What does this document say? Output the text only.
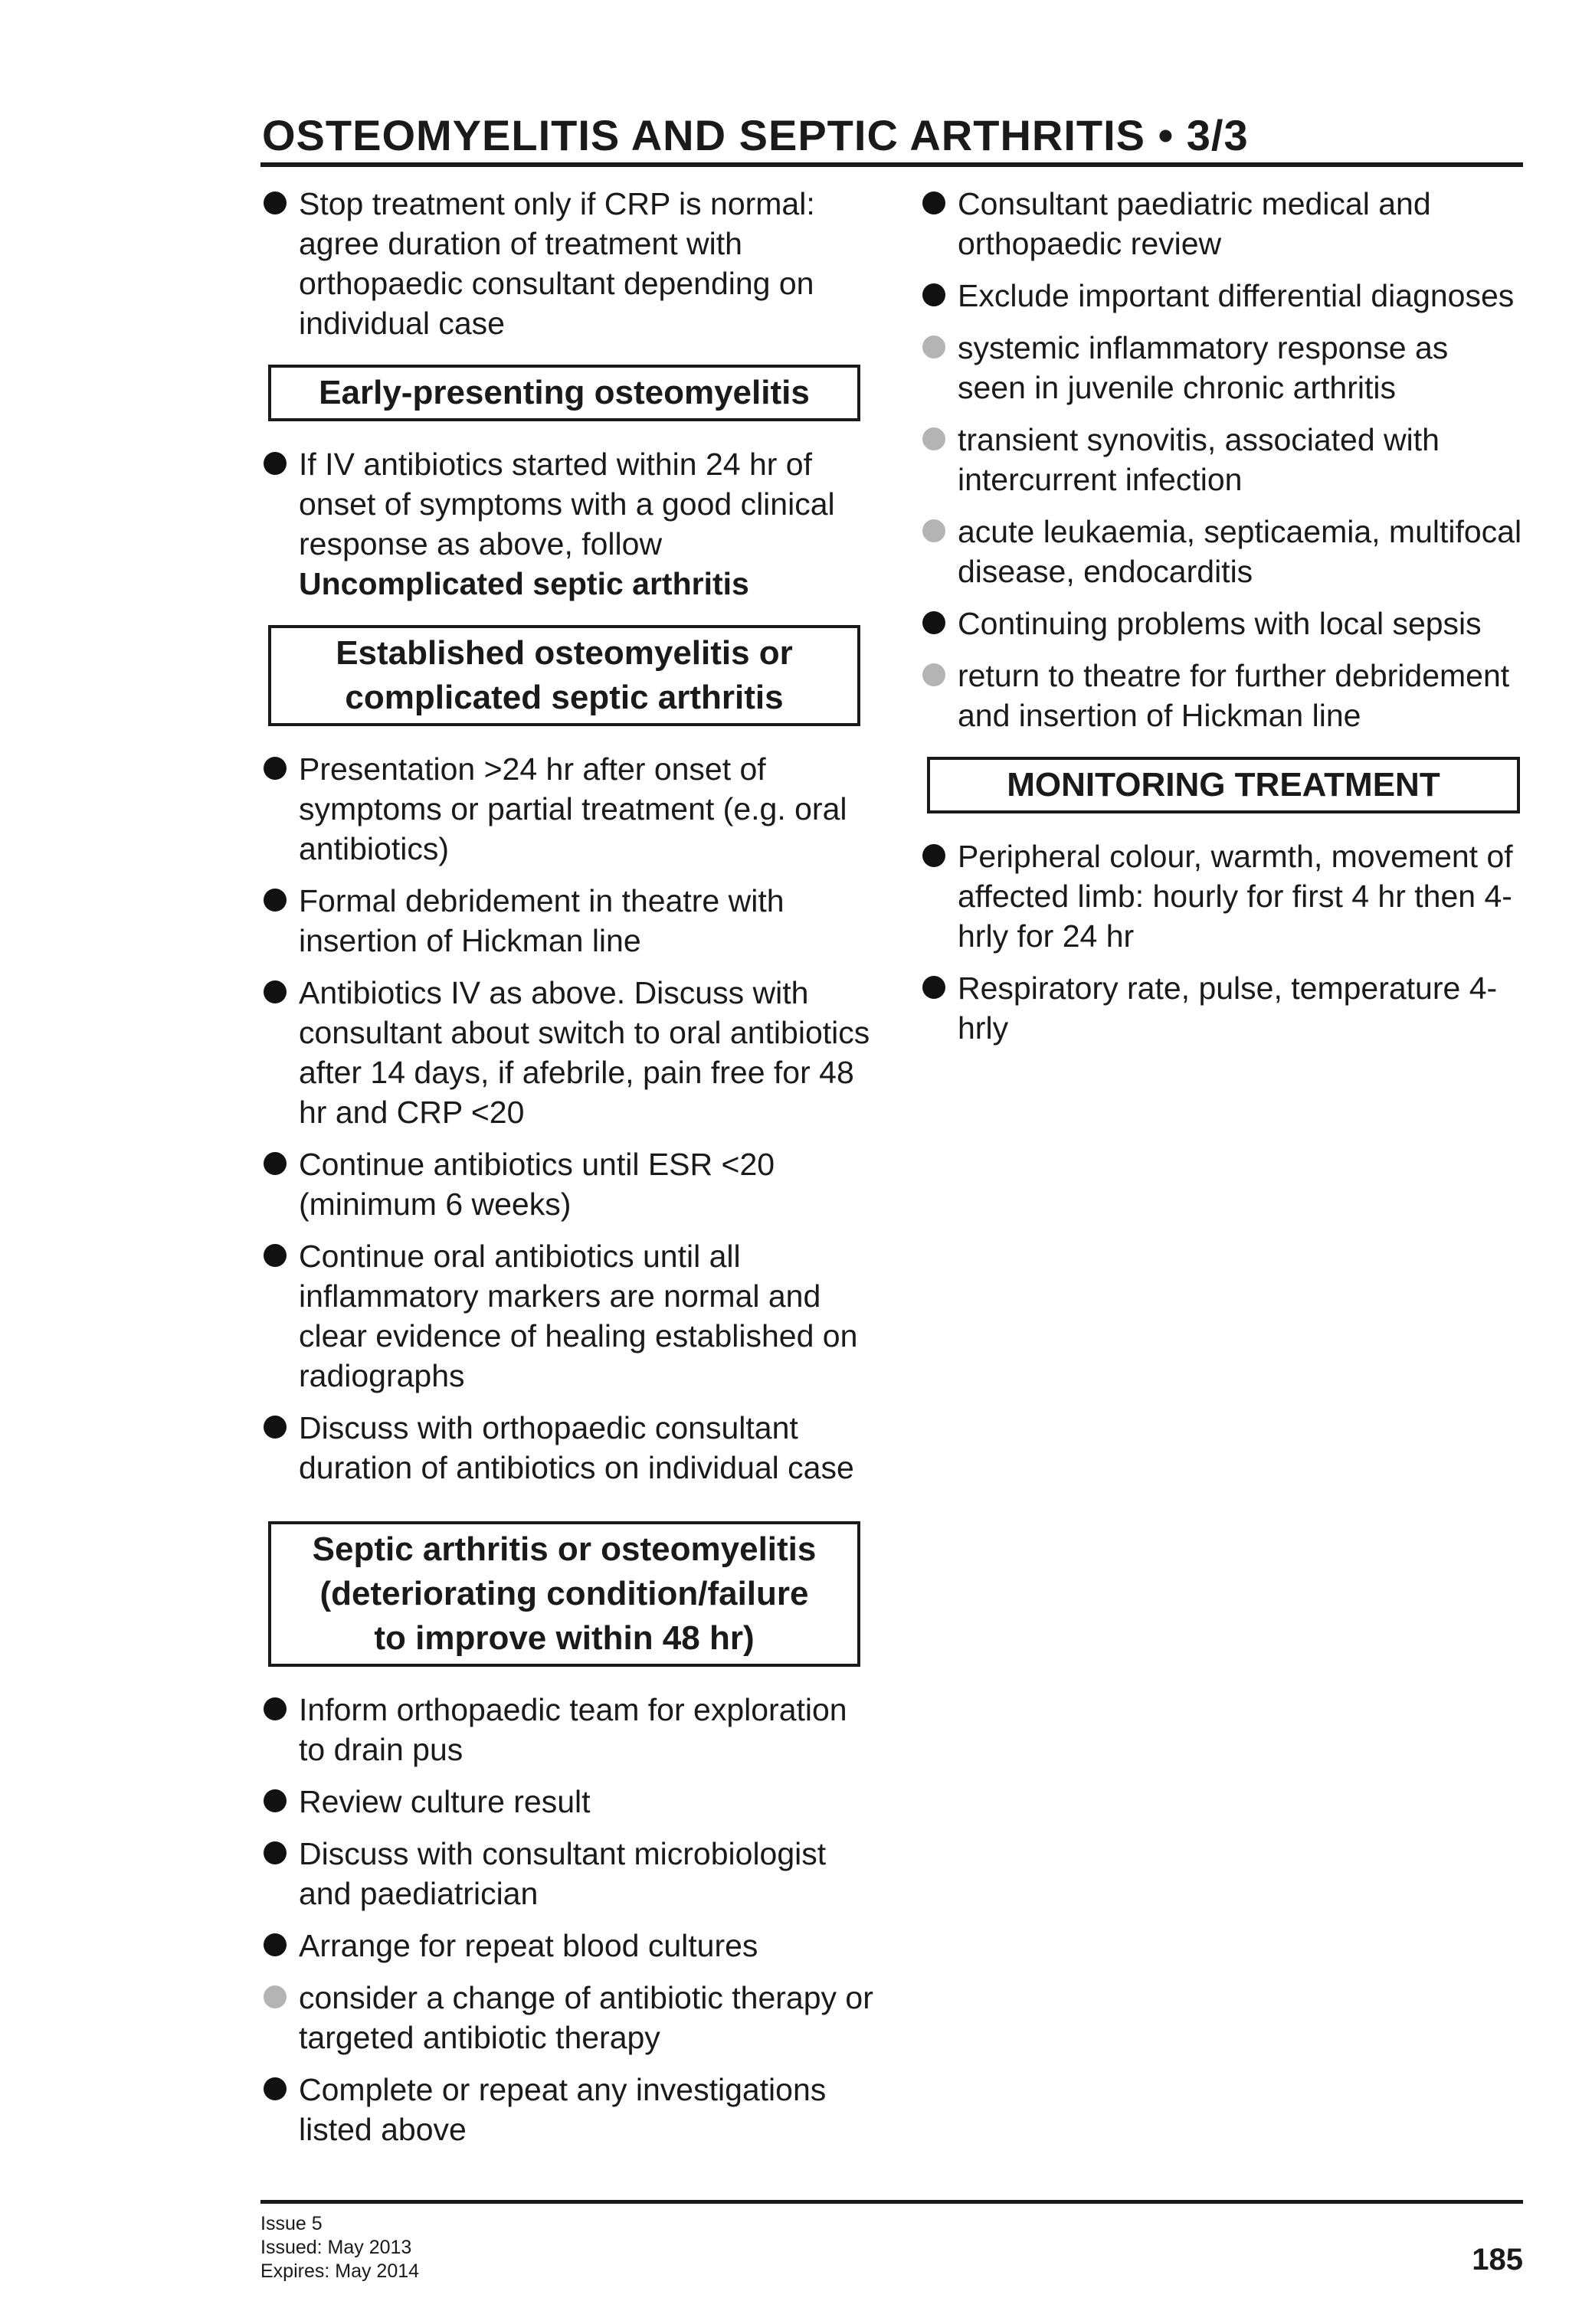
OSTEOMYELITIS AND SEPTIC ARTHRITIS • 3/3
Stop treatment only if CRP is normal: agree duration of treatment with orthopaedic consultant depending on individual case
Early-presenting osteomyelitis
If IV antibiotics started within 24 hr of onset of symptoms with a good clinical response as above, follow
Uncomplicated septic arthritis
Established osteomyelitis or
complicated septic arthritis
Presentation >24 hr after onset of symptoms or partial treatment (e.g. oral antibiotics)
Formal debridement in theatre with insertion of Hickman line
Antibiotics IV as above. Discuss with consultant about switch to oral antibiotics after 14 days, if afebrile, pain free for 48 hr and CRP <20
Continue antibiotics until ESR <20 (minimum 6 weeks)
Continue oral antibiotics until all inflammatory markers are normal and clear evidence of healing established on radiographs
Discuss with orthopaedic consultant duration of antibiotics on individual case
Septic arthritis or osteomyelitis
(deteriorating condition/failure
to improve within 48 hr)
Inform orthopaedic team for exploration to drain pus
Review culture result
Discuss with consultant microbiologist and paediatrician
Arrange for repeat blood cultures
consider a change of antibiotic therapy or targeted antibiotic therapy
Complete or repeat any investigations listed above
Consultant paediatric medical and orthopaedic review
Exclude important differential diagnoses
systemic inflammatory response as seen in juvenile chronic arthritis
transient synovitis, associated with intercurrent infection
acute leukaemia, septicaemia, multifocal disease, endocarditis
Continuing problems with local sepsis
return to theatre for further debridement and insertion of Hickman line
MONITORING TREATMENT
Peripheral colour, warmth, movement of affected limb: hourly for first 4 hr then 4-hrly for 24 hr
Respiratory rate, pulse, temperature 4-hrly
Issue 5
Issued: May 2013
Expires: May 2014	185
